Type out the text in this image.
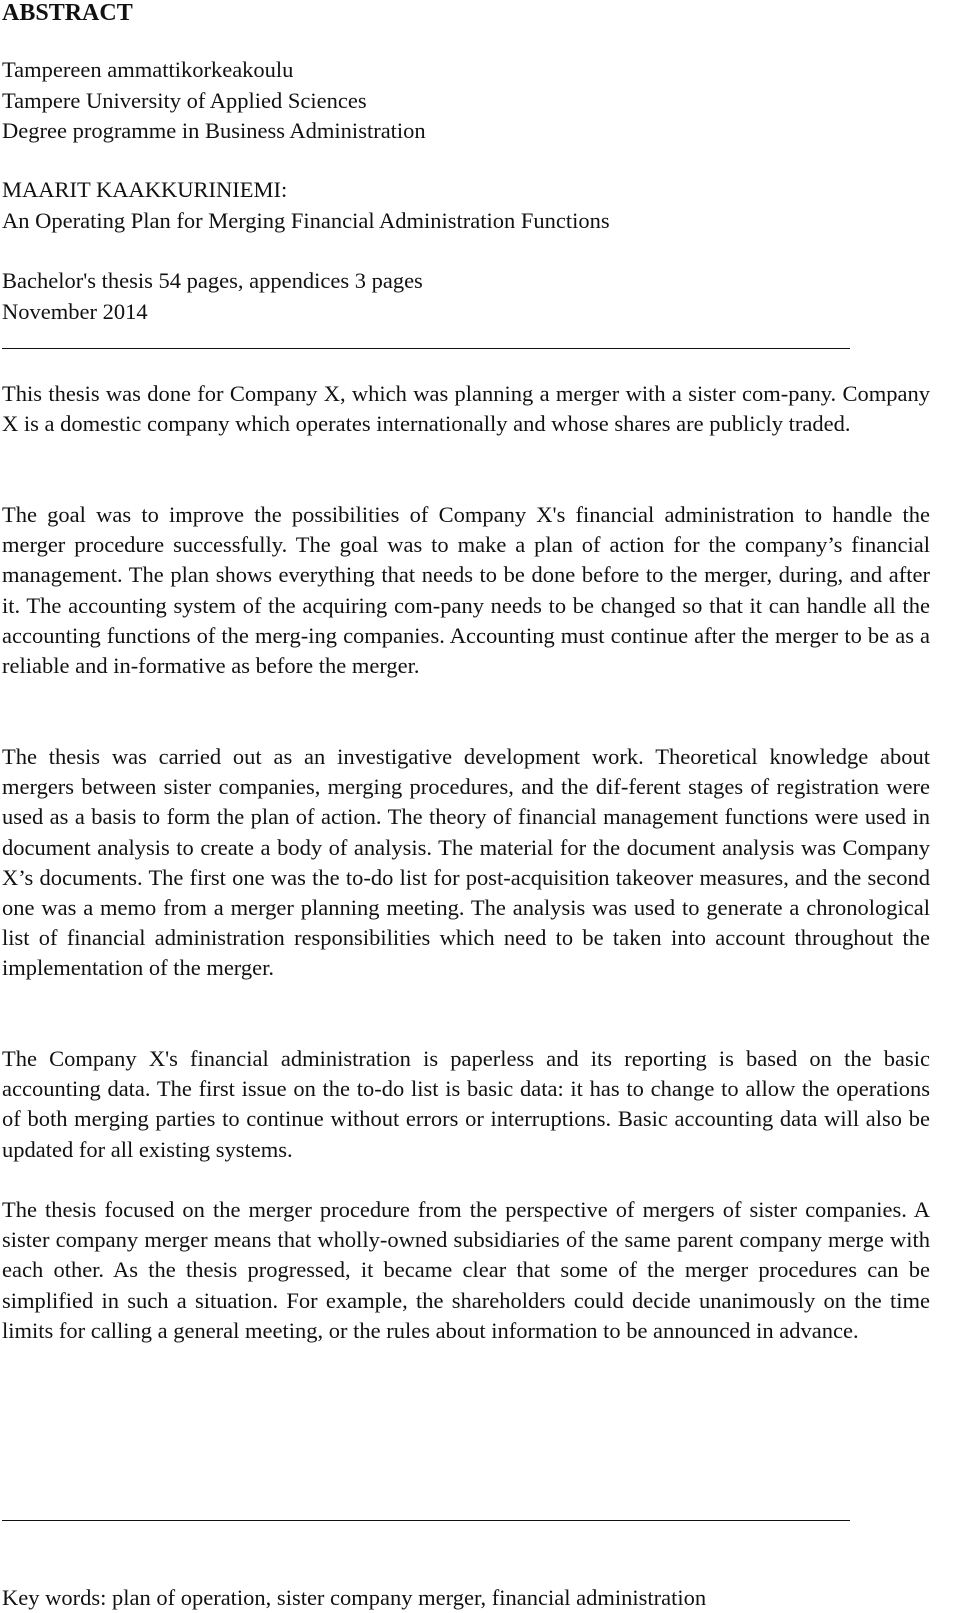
ABSTRACT
Tampereen ammattikorkeakoulu
Tampere University of Applied Sciences
Degree programme in Business Administration
MAARIT KAAKKURINIEMI:
An Operating Plan for Merging Financial Administration Functions
Bachelor's thesis 54 pages, appendices 3 pages
November 2014

This thesis was done for Company X, which was planning a merger with a sister com-pany. Company X is a domestic company which operates internationally and whose shares are publicly traded.

The goal was to improve the possibilities of Company X's financial administration to handle the merger procedure successfully. The goal was to make a plan of action for the company’s financial management. The plan shows everything that needs to be done before to the merger, during, and after it. The accounting system of the acquiring com-pany needs to be changed so that it can handle all the accounting functions of the merg-ing companies. Accounting must continue after the merger to be as a reliable and in-formative as before the merger.

The thesis was carried out as an investigative development work. Theoretical knowledge about mergers between sister companies, merging procedures, and the dif-ferent stages of registration were used as a basis to form the plan of action. The theory of financial management functions were used in document analysis to create a body of analysis. The material for the document analysis was Company X’s documents. The first one was the to-do list for post-acquisition takeover measures, and the second one was a memo from a merger planning meeting. The analysis was used to generate a chronological list of financial administration responsibilities which need to be taken into account throughout the implementation of the merger.

The Company X's financial administration is paperless and its reporting is based on the basic accounting data. The first issue on the to-do list is basic data: it has to change to allow the operations of both merging parties to continue without errors or interruptions. Basic accounting data will also be updated for all existing systems.

The thesis focused on the merger procedure from the perspective of mergers of sister companies. A sister company merger means that wholly-owned subsidiaries of the same parent company merge with each other. As the thesis progressed, it became clear that some of the merger procedures can be simplified in such a situation. For example, the shareholders could decide unanimously on the time limits for calling a general meeting, or the rules about information to be announced in advance.

Key words: plan of operation, sister company merger, financial administration
